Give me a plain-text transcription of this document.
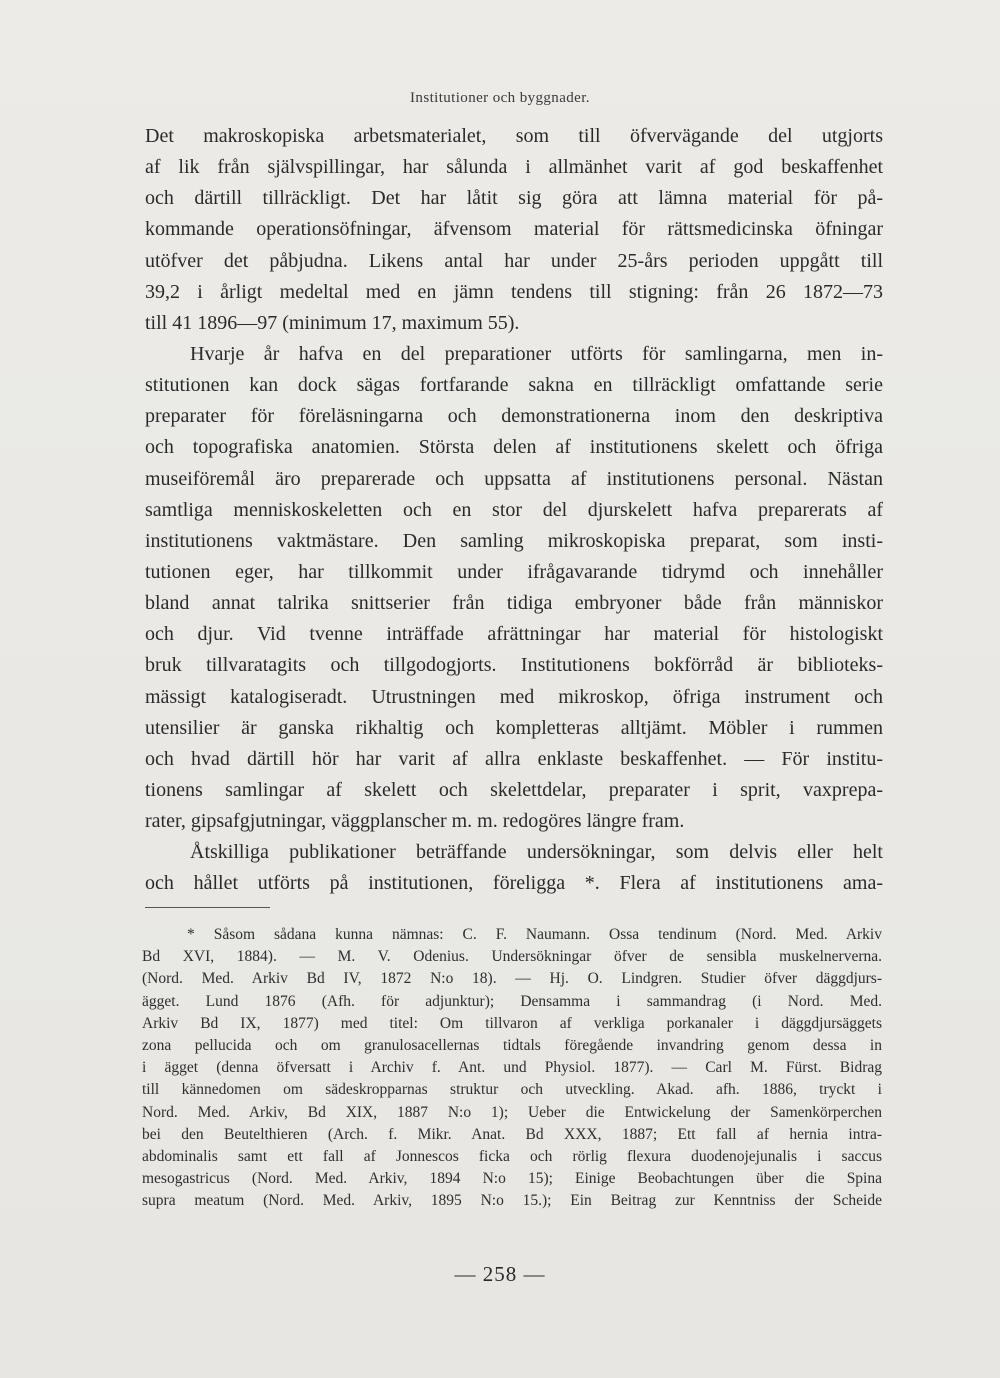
Institutioner och byggnader.
Det makroskopiska arbetsmaterialet, som till öfvervägande del utgjorts
af lik från självspillingar, har sålunda i allmänhet varit af god beskaffenhet
och därtill tillräckligt. Det har låtit sig göra att lämna material för på-
kommande operationsöfningar, äfvensom material för rättsmedicinska öfningar
utöfver det påbjudna. Likens antal har under 25-års perioden uppgått till
39,2 i årligt medeltal med en jämn tendens till stigning: från 26 1872—73
till 41 1896—97 (minimum 17, maximum 55).
Hvarje år hafva en del preparationer utförts för samlingarna, men in-
stitutionen kan dock sägas fortfarande sakna en tillräckligt omfattande serie
preparater för föreläsningarna och demonstrationerna inom den deskriptiva
och topografiska anatomien. Största delen af institutionens skelett och öfriga
museiföremål äro preparerade och uppsatta af institutionens personal. Nästan
samtliga menniskoskeletten och en stor del djurskelett hafva preparerats af
institutionens vaktmästare. Den samling mikroskopiska preparat, som insti-
tutionen eger, har tillkommit under ifrågavarande tidrymd och innehåller
bland annat talrika snittserier från tidiga embryoner både från människor
och djur. Vid tvenne inträffade afrättningar har material för histologiskt
bruk tillvaratagits och tillgodogjorts. Institutionens bokförråd är biblioteks-
mässigt katalogiseradt. Utrustningen med mikroskop, öfriga instrument och
utensilier är ganska rikhaltig och kompletteras alltjämt. Möbler i rummen
och hvad därtill hör har varit af allra enklaste beskaffenhet. — För institu-
tionens samlingar af skelett och skelettdelar, preparater i sprit, vaxprepa-
rater, gipsafgjutningar, väggplanscher m. m. redogöres längre fram.
Åtskilliga publikationer beträffande undersökningar, som delvis eller helt
och hållet utförts på institutionen, föreligga *. Flera af institutionens ama-
* Såsom sådana kunna nämnas: C. F. Naumann. Ossa tendinum (Nord. Med. Arkiv
Bd XVI, 1884). — M. V. Odenius. Undersökningar öfver de sensibla muskelnerverna.
(Nord. Med. Arkiv Bd IV, 1872 N:o 18). — Hj. O. Lindgren. Studier öfver däggdjurs-
ägget. Lund 1876 (Afh. för adjunktur); Densamma i sammandrag (i Nord. Med.
Arkiv Bd IX, 1877) med titel: Om tillvaron af verkliga porkanaler i däggdjursäggets
zona pellucida och om granulosacellernas tidtals föregående invandring genom dessa in
i ägget (denna öfversatt i Archiv f. Ant. und Physiol. 1877). — Carl M. Fürst. Bidrag
till kännedomen om sädeskropparnas struktur och utveckling. Akad. afh. 1886, tryckt i
Nord. Med. Arkiv, Bd XIX, 1887 N:o 1); Ueber die Entwickelung der Samenkörperchen
bei den Beutelthieren (Arch. f. Mikr. Anat. Bd XXX, 1887; Ett fall af hernia intra-
abdominalis samt ett fall af Jonnescos ficka och rörlig flexura duodenojejunalis i saccus
mesogastricus (Nord. Med. Arkiv, 1894 N:o 15); Einige Beobachtungen über die Spina
supra meatum (Nord. Med. Arkiv, 1895 N:o 15.); Ein Beitrag zur Kenntniss der Scheide
— 258 —
